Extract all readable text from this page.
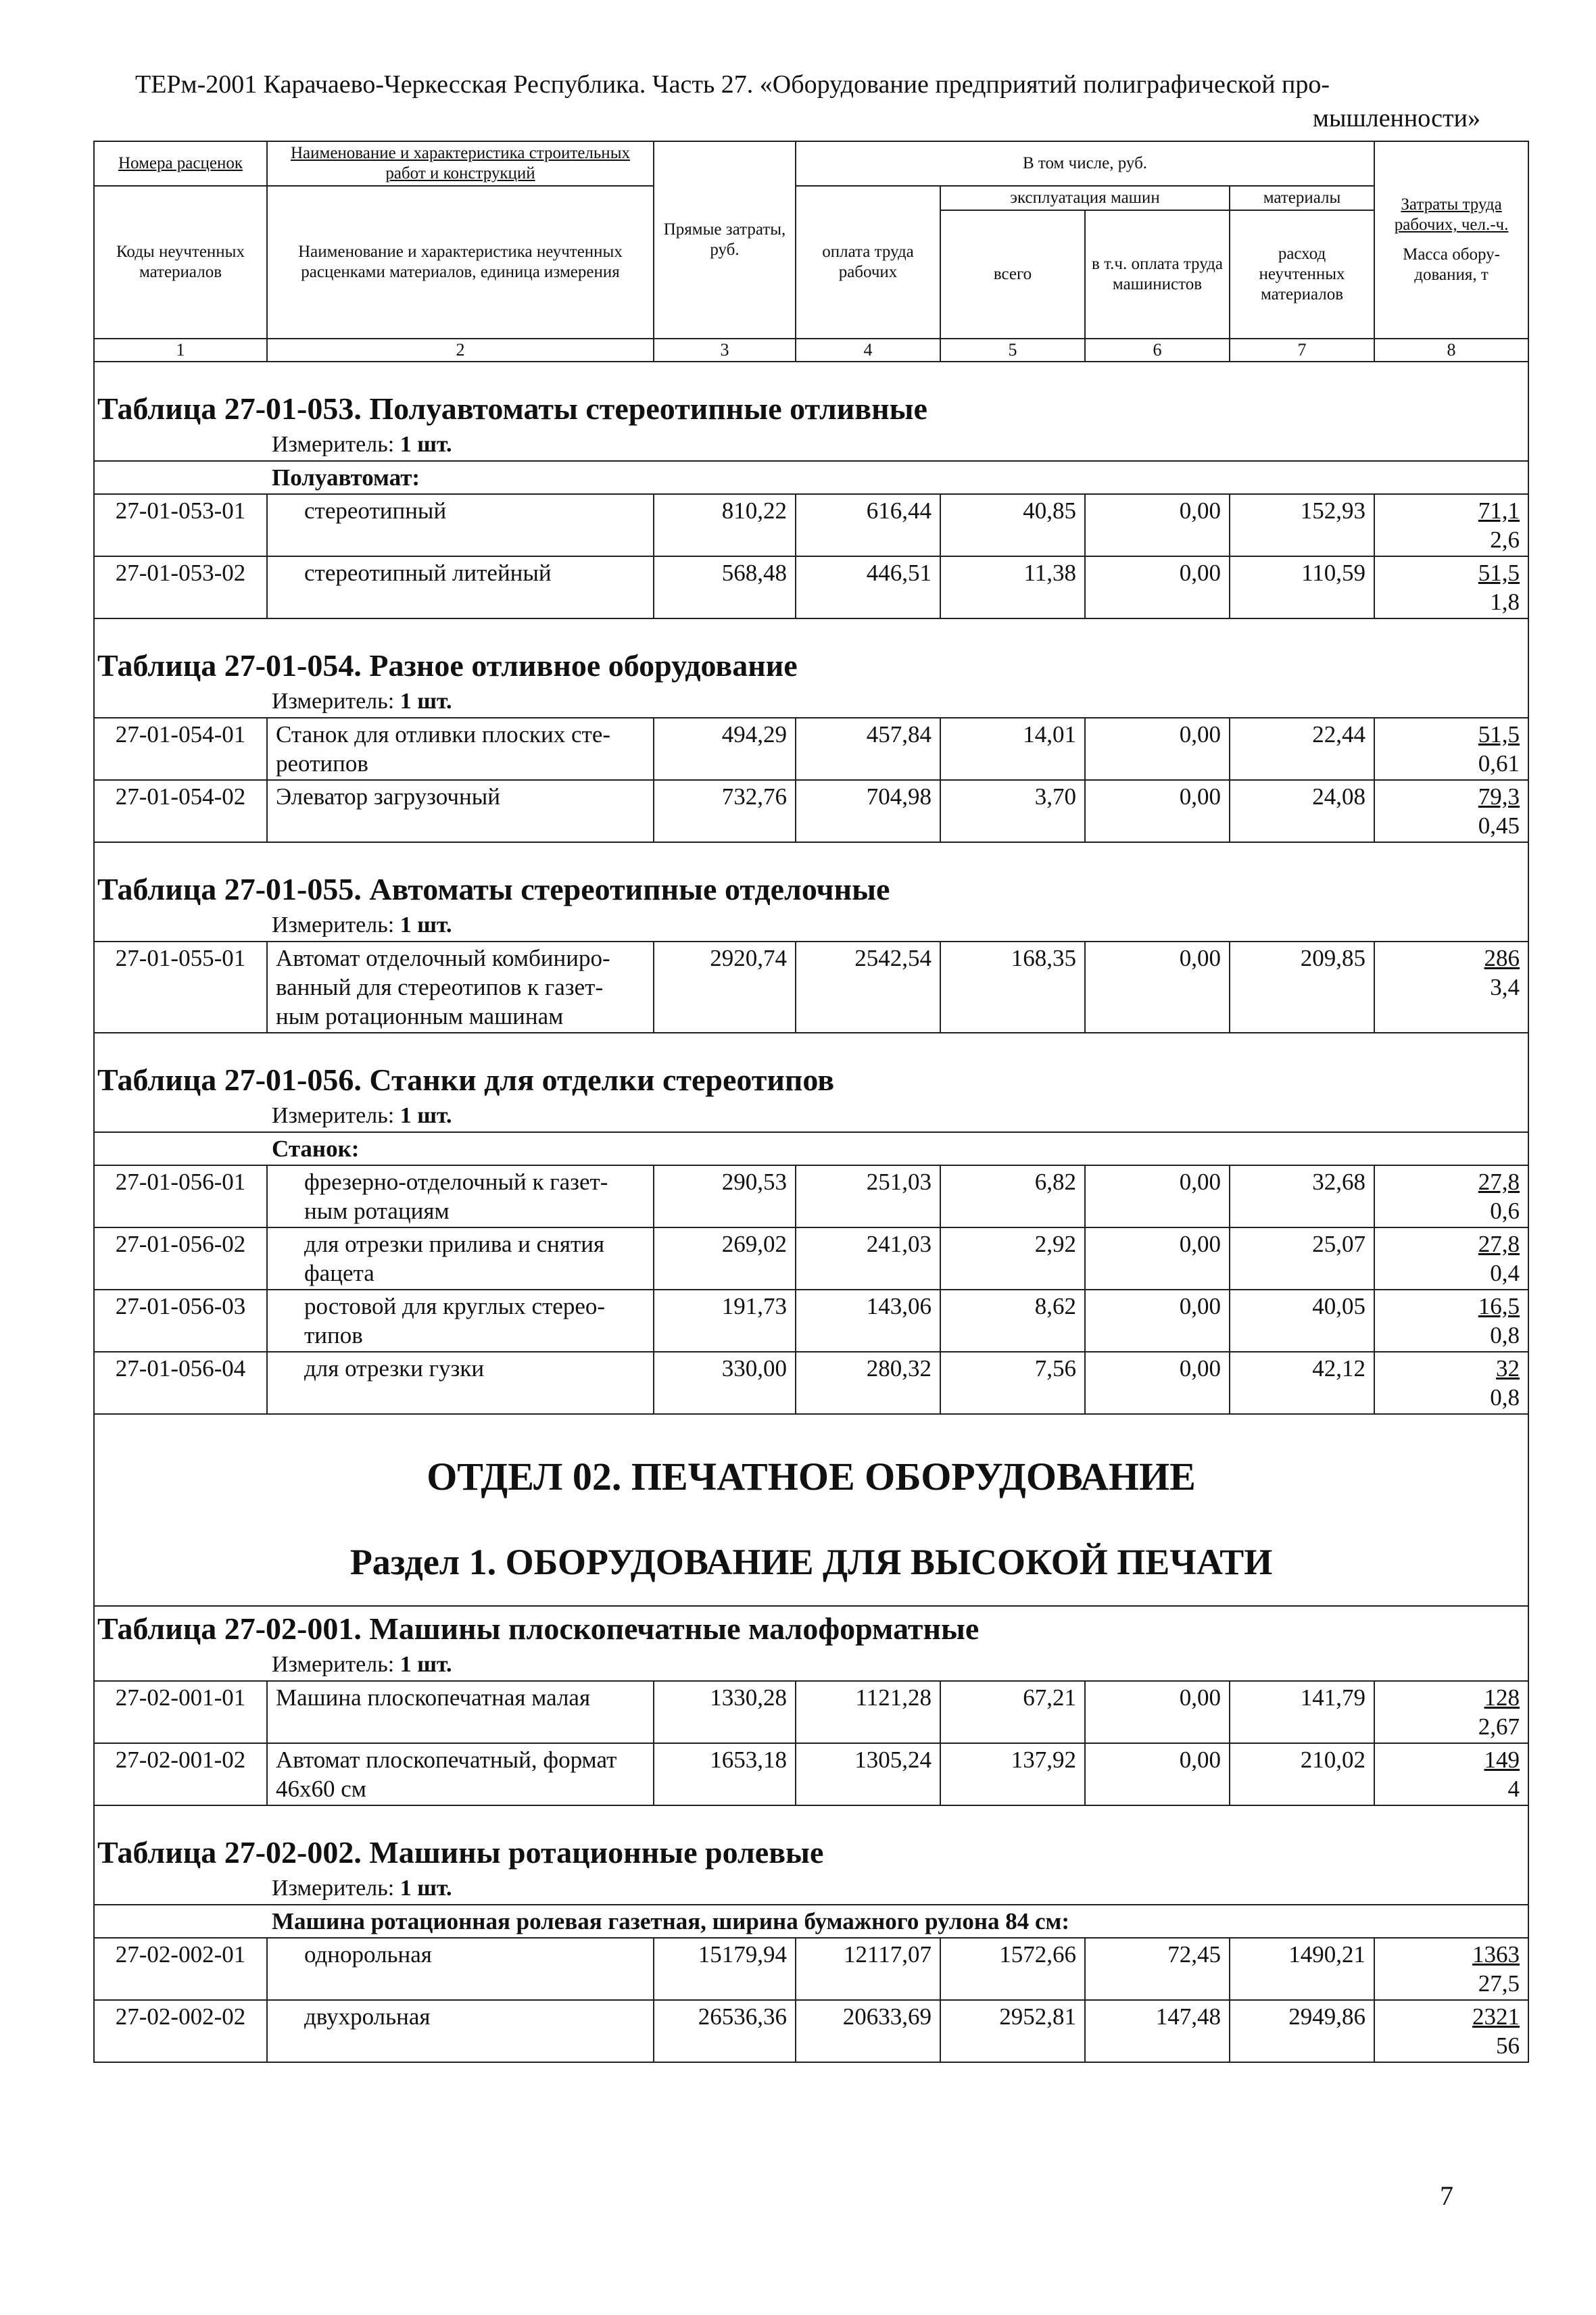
ТЕРм-2001 Карачаево-Черкесская Республика. Часть 27. «Оборудование предприятий полиграфической про-
мышленности»
Номера расценок	Наименование и характеристика строительных работ и конструкций	Прямые затраты, руб.	В том числе, руб.				Затраты труда рабочих, чел.-ч.
Масса обору- дования, т

Коды неучтенных материалов	Наименование и характеристика неучтенных расценками материалов, единица измерения		оплата труда рабочих	эксплуатация машин		материалы	
				всего	в т.ч. оплата труда машинистов	расход неучтенных материалов	
1	2	3	4	5	6	7	8
Таблица 27-01-053. Полуавтоматы стереотипные отливные							
Измеритель: 1 шт.							
Полуавтомат:							
27-01-053-01	стереотипный	810,22	616,44	40,85	0,00	152,93	71,1
2,6

27-01-053-02	стереотипный литейный	568,48	446,51	11,38	0,00	110,59	51,5
1,8

Таблица 27-01-054. Разное отливное оборудование							
Измеритель: 1 шт.							
27-01-054-01	Станок для отливки плоских сте- реотипов	494,29	457,84	14,01	0,00	22,44	51,5
0,61

27-01-054-02	Элеватор загрузочный	732,76	704,98	3,70	0,00	24,08	79,3
0,45

Таблица 27-01-055. Автоматы стереотипные отделочные							
Измеритель: 1 шт.							
27-01-055-01	Автомат отделочный комбиниро- ванный для стереотипов к газет- ным ротационным машинам	2920,74	2542,54	168,35	0,00	209,85	286
3,4

Таблица 27-01-056. Станки для отделки стереотипов							
Измеритель: 1 шт.							
Станок:							
27-01-056-01	фрезерно-отделочный к газет- ным ротациям	290,53	251,03	6,82	0,00	32,68	27,8
0,6

27-01-056-02	для отрезки прилива и снятия фацета	269,02	241,03	2,92	0,00	25,07	27,8
0,4

27-01-056-03	ростовой для круглых стерео- типов	191,73	143,06	8,62	0,00	40,05	16,5
0,8

27-01-056-04	для отрезки гузки	330,00	280,32	7,56	0,00	42,12	32
0,8

ОТДЕЛ 02. ПЕЧАТНОЕ ОБОРУДОВАНИЕ							
Раздел 1. ОБОРУДОВАНИЕ ДЛЯ ВЫСОКОЙ ПЕЧАТИ							
Таблица 27-02-001. Машины плоскопечатные малоформатные							
Измеритель: 1 шт.							
27-02-001-01	Машина плоскопечатная малая	1330,28	1121,28	67,21	0,00	141,79	128
2,67

27-02-001-02	Автомат плоскопечатный, формат 46х60 см	1653,18	1305,24	137,92	0,00	210,02	149
4

Таблица 27-02-002. Машины ротационные ролевые							
Измеритель: 1 шт.							
Машина ротационная ролевая газетная, ширина бумажного рулона 84 см:							
27-02-002-01	однорольная	15179,94	12117,07	1572,66	72,45	1490,21	1363
27,5

27-02-002-02	двухрольная	26536,36	20633,69	2952,81	147,48	2949,86	2321
56
7
